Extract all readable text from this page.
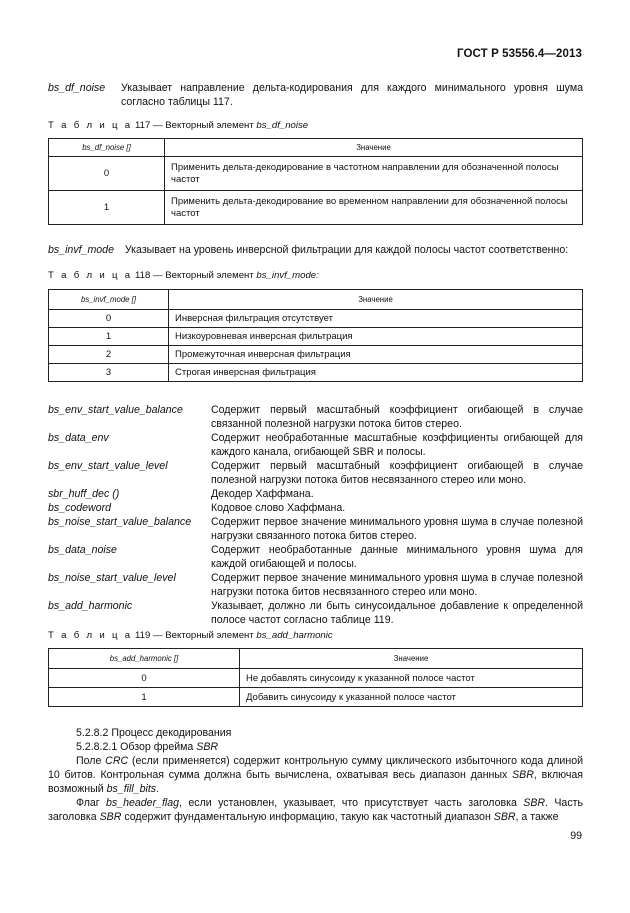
ГОСТ Р 53556.4—2013
bs_df_noise Указывает направление дельта-кодирования для каждого минимального уровня шума согласно таблицы 117.
Т а б л и ц а 117 — Векторный элемент bs_df_noise
bs_df_noise []	Значение
0	Применить дельта-декодирование в частотном направлении для обозначенной полосы частот
1	Применить дельта-декодирование во временном направлении для обозначенной полосы частот
bs_invf_mode Указывает на уровень инверсной фильтрации для каждой полосы частот соответственно:
Т а б л и ц а 118 — Векторный элемент bs_invf_mode:
bs_invf_mode []	Значение
0	Инверсная фильтрация отсутствует
1	Низкоуровневая инверсная фильтрация
2	Промежуточная инверсная фильтрация
3	Строгая инверсная фильтрация
bs_env_start_value_balance	Содержит первый масштабный коэффициент огибающей в случае связанной полезной нагрузки потока битов стерео.
bs_data_env	Содержит необработанные масштабные коэффициенты огибающей для каждого канала, огибающей SBR и полосы.
bs_env_start_value_level	Содержит первый масштабный коэффициент огибающей в случае полезной нагрузки потока битов несвязанного стерео или моно.
sbr_huff_dec ()	Декодер Хаффмана.
bs_codeword	Кодовое слово Хаффмана.
bs_noise_start_value_balance Содержит первое значение минимального уровня шума в случае полезной нагрузки связанного потока битов стерео.
bs_data_noise	Содержит необработанные данные минимального уровня шума для каждой огибающей и полосы.
bs_noise_start_value_level	Содержит первое значение минимального уровня шума в случае полезной нагрузки потока битов несвязанного стерео или моно.
bs_add_harmonic	Указывает, должно ли быть синусоидальное добавление к определенной полосе частот согласно таблице 119.
Т а б л и ц а 119 — Векторный элемент bs_add_harmonic
bs_add_harmonic []	Значение
0	Не добавлять синусоиду к указанной полосе частот
1	Добавить синусоиду к указанной полосе частот
5.2.8.2 Процесс декодирования
5.2.8.2.1 Обзор фрейма SBR
Поле CRC (если применяется) содержит контрольную сумму циклического избыточного кода длиной 10 битов. Контрольная сумма должна быть вычислена, охватывая весь диапазон данных SBR, включая возможный bs_fill_bits.
Флаг bs_header_flag, если установлен, указывает, что присутствует часть заголовка SBR. Часть заголовка SBR содержит фундаментальную информацию, такую как частотный диапазон SBR, а также
99
